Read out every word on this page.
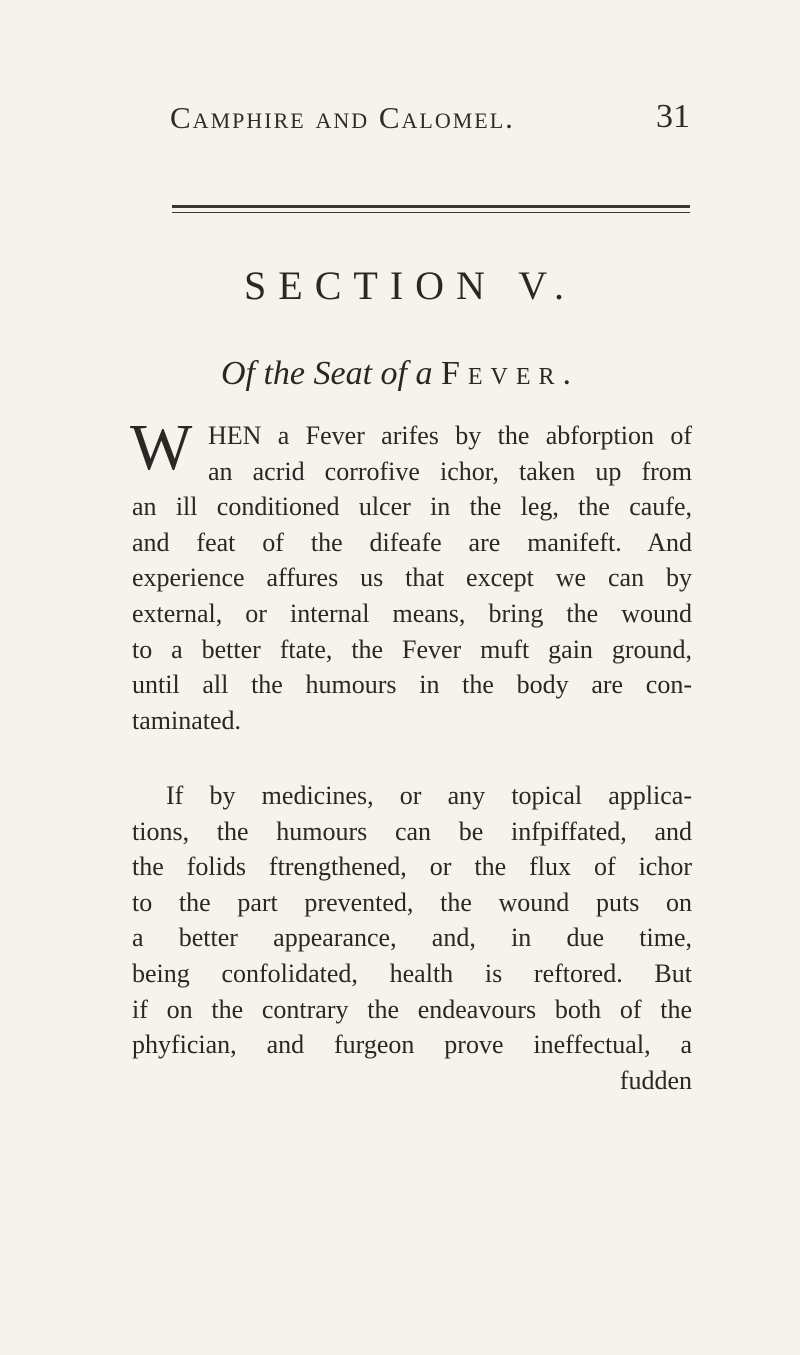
Camphire and Calomel.	31
SECTION V.
Of the Seat of a Fever.
W HEN a Fever arifes by the abforption of
an acrid corrofive ichor, taken up from
an ill conditioned ulcer in the leg, the caufe,
and feat of the difeafe are manifeft. And
experience affures us that except we can by
external, or internal means, bring the wound
to a better ftate, the Fever muft gain ground,
until all the humours in the body are con-
taminated.
If by medicines, or any topical applica-
tions, the humours can be infpiffated, and
the folids ftrengthened, or the flux of ichor
to the part prevented, the wound puts on
a better appearance, and, in due time,
being confolidated, health is reftored. But
if on the contrary the endeavours both of the
phyfician, and furgeon prove ineffectual, a
fudden
